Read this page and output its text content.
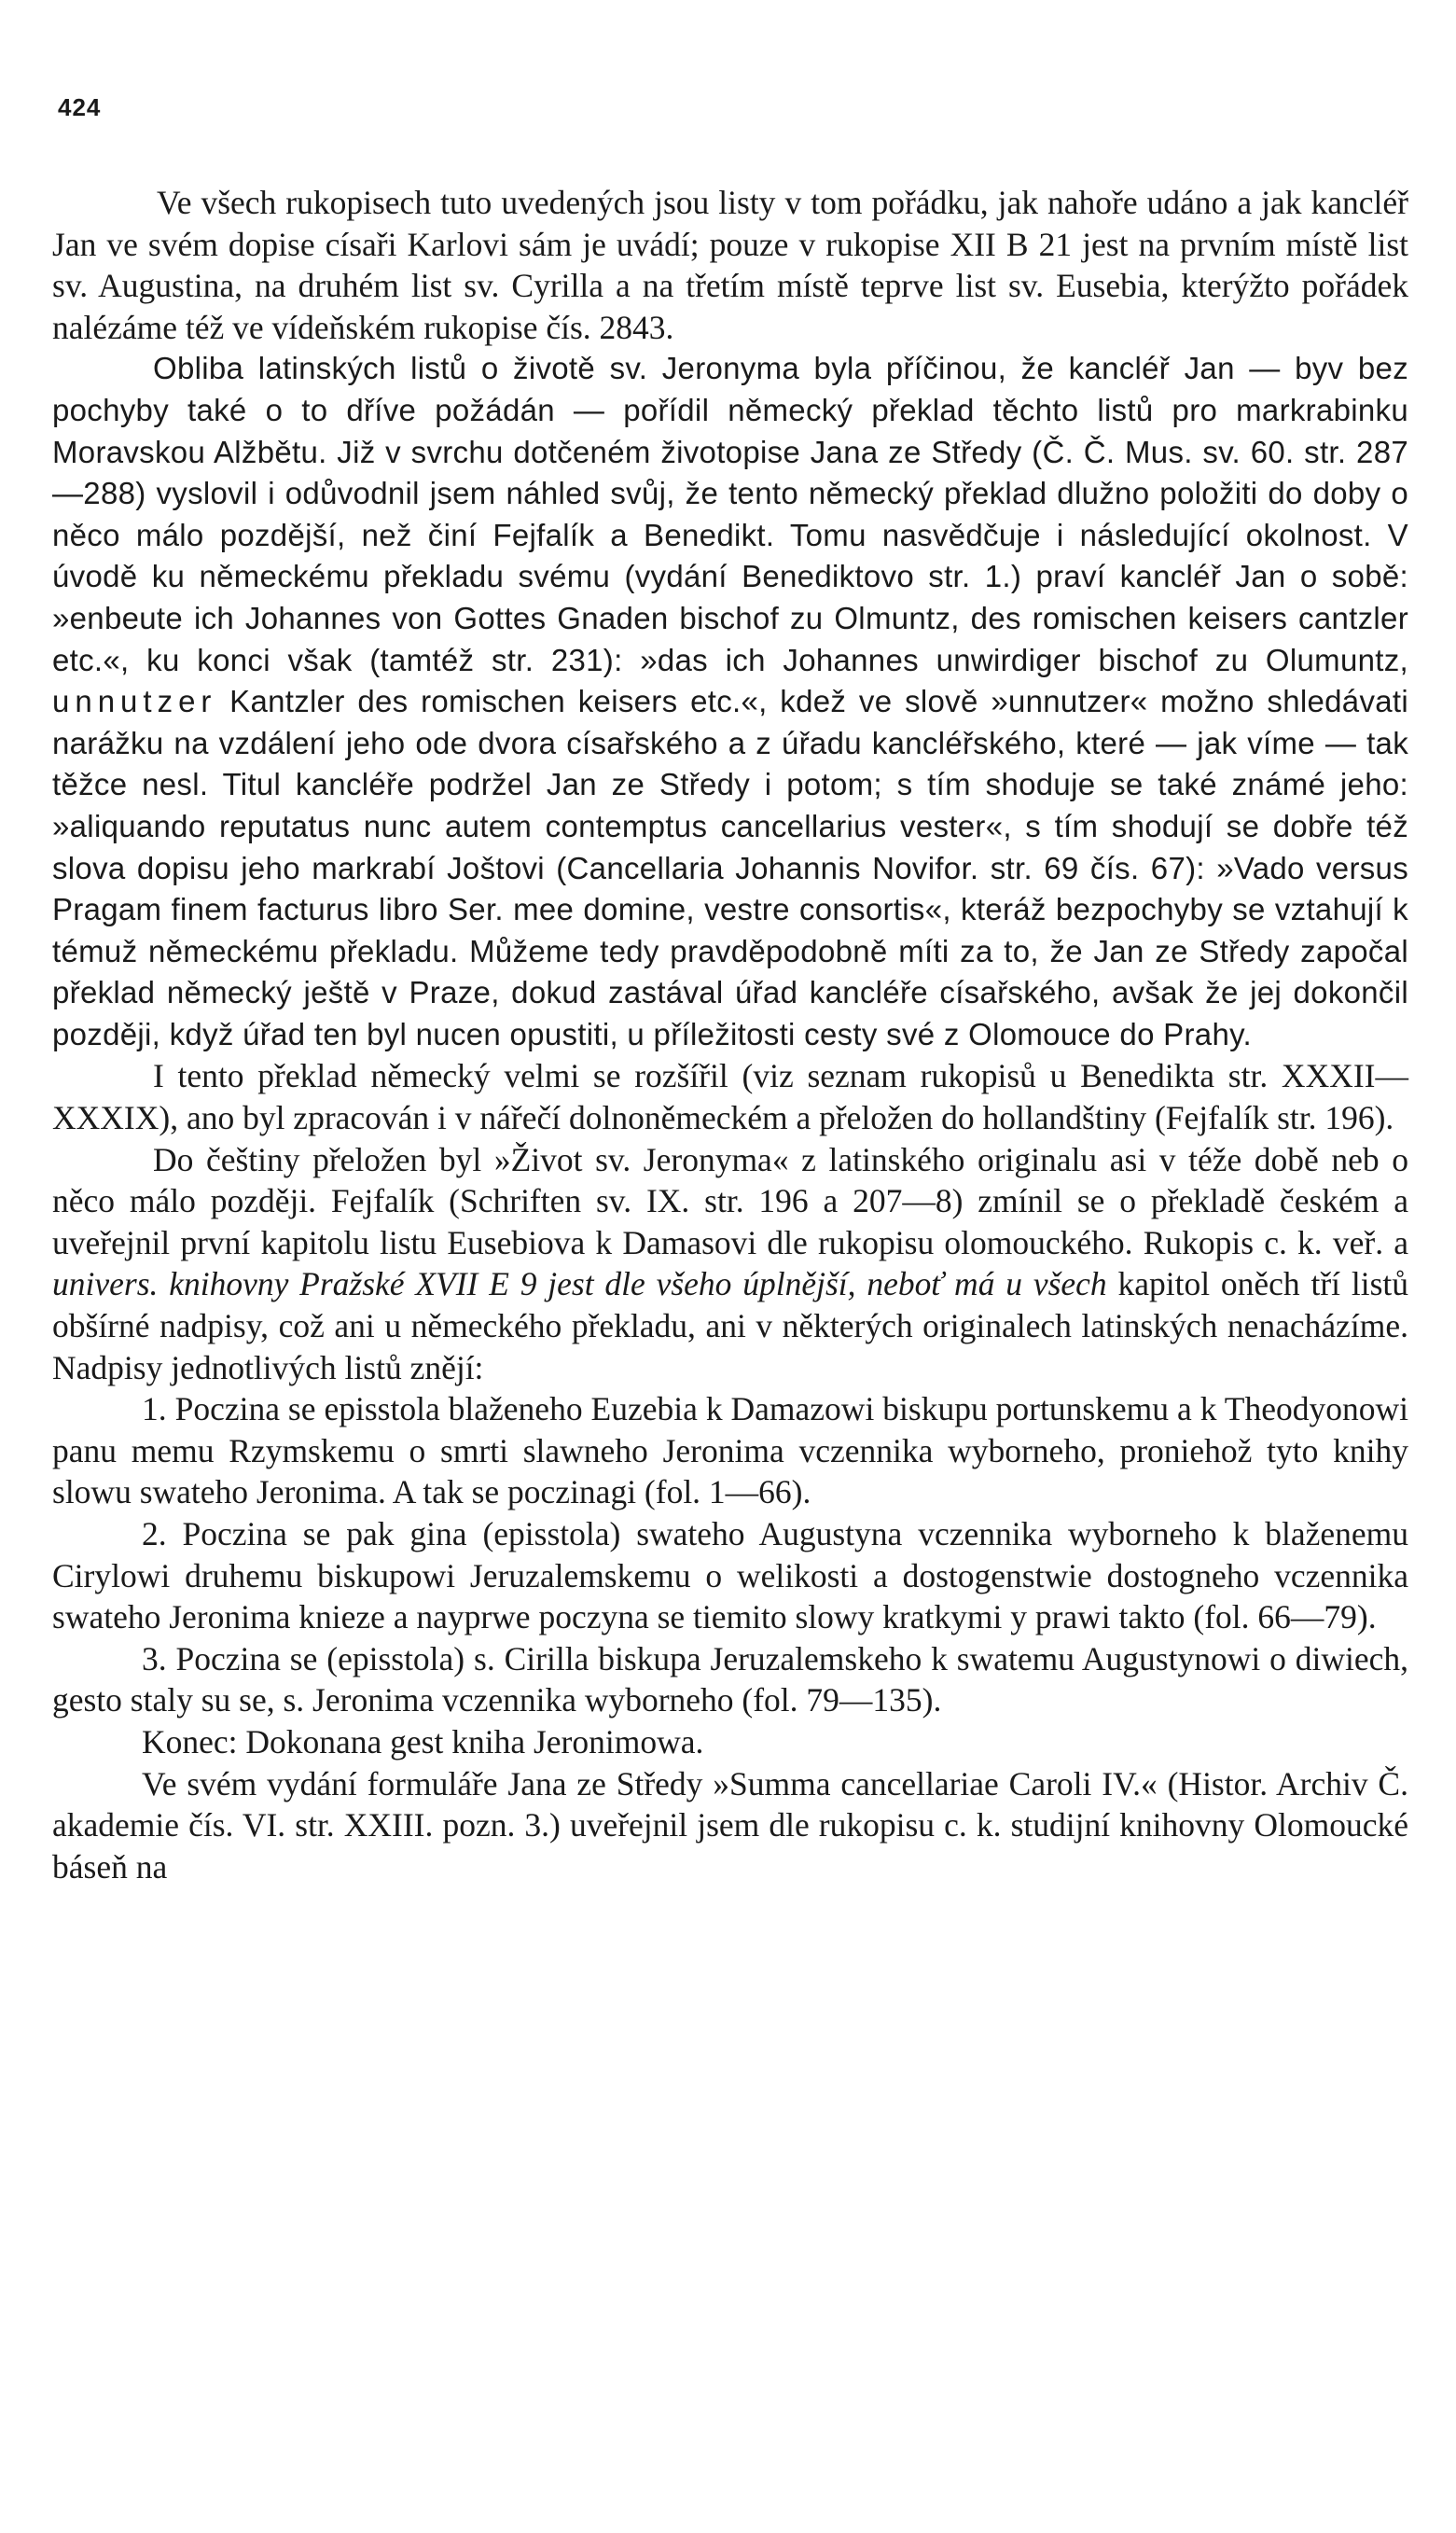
424

Ve všech rukopisech tuto uvedených jsou listy v tom pořádku, jak nahoře udáno a jak kancléř Jan ve svém dopise císaři Karlovi sám je uvádí; pouze v rukopise XII B 21 jest na prvním místě list sv. Augustina, na druhém list sv. Cyrilla a na třetím místě teprve list sv. Eusebia, kterýžto pořádek nalézáme též ve vídeňském rukopise čís. 2843.

Obliba latinských listů o životě sv. Jeronyma byla příčinou, že kancléř Jan — byv bez pochyby také o to dříve požádán — pořídil německý překlad těchto listů pro markrabinku Moravskou Alžbětu. Již v svrchu dotčeném životopise Jana ze Středy (Č. Č. Mus. sv. 60. str. 287—288) vyslovil i odůvodnil jsem náhled svůj, že tento německý překlad dlužno položiti do doby o něco málo pozdější, než činí Fejfalík a Benedikt. Tomu nasvědčuje i následující okolnost. V úvodě ku německému překladu svému (vydání Benediktovo str. 1.) praví kancléř Jan o sobě: »enbeute ich Johannes von Gottes Gnaden bischof zu Olmuntz, des romischen keisers cantzler etc.«, ku konci však (tamtéž str. 231): »das ich Johannes unwirdiger bischof zu Olumuntz, unnutzer Kantzler des romischen keisers etc.«, kdež ve slově »unnutzer« možno shledávati narážku na vzdálení jeho ode dvora císařského a z úřadu kancléřského, které — jak víme — tak těžce nesl. Titul kancléře podržel Jan ze Středy i potom; s tím shoduje se také známé jeho: »aliquando reputatus nunc autem contemptus cancellarius vester«, s tím shodují se dobře též slova dopisu jeho markrabí Joštovi (Cancellaria Johannis Novifor. str. 69 čís. 67): »Vado versus Pragam finem facturus libro Ser. mee domine, vestre consortis«, kteráž bezpochyby se vztahují k témuž německému překladu. Můžeme tedy pravděpodobně míti za to, že Jan ze Středy započal překlad německý ještě v Praze, dokud zastával úřad kancléře císařského, avšak že jej dokončil později, když úřad ten byl nucen opustiti, u příležitosti cesty své z Olomouce do Prahy.

I tento překlad německý velmi se rozšířil (viz seznam rukopisů u Benedikta str. XXXII—XXXIX), ano byl zpracován i v nářečí dolnoněmeckém a přeložen do hollandštiny (Fejfalík str. 196).

Do češtiny přeložen byl »Život sv. Jeronyma« z latinského originalu asi v téže době neb o něco málo později. Fejfalík (Schriften sv. IX. str. 196 a 207—8) zmínil se o překladě českém a uveřejnil první kapitolu listu Eusebiova k Damasovi dle rukopisu olomouckého. Rukopis c. k. veř. a univers. knihovny Pražské XVII E 9 jest dle všeho úplnější, neboť má u všech kapitol oněch tří listů obšírné nadpisy, což ani u německého překladu, ani v některých originalech latinských nenacházíme. Nadpisy jednotlivých listů znějí:

1. Poczina se episstola blaženeho Euzebia k Damazowi biskupu portunskemu a k Theodyonowi panu memu Rzymskemu o smrti slawneho Jeronima vczennika wyborneho, proniehož tyto knihy slowu swateho Jeronima. A tak se poczinagi (fol. 1—66).

2. Poczina se pak gina (episstola) swateho Augustyna vczennika wyborneho k blaženemu Cirylowi druhemu biskupowi Jeruzalemskemu o welikosti a dostogenstwie dostogneho vczennika swateho Jeronima knieze a nayprwe poczyna se tiemito slowy kratkymi y prawi takto (fol. 66—79).

3. Poczina se (episstola) s. Cirilla biskupa Jeruzalemskeho k swatemu Augustynowi o diwiech, gesto staly su se, s. Jeronima vczennika wyborneho (fol. 79—135).

Konec: Dokonana gest kniha Jeronimowa.

Ve svém vydání formuláře Jana ze Středy »Summa cancellariae Caroli IV.« (Histor. Archiv Č. akademie čís. VI. str. XXIII. pozn. 3.) uveřejnil jsem dle rukopisu c. k. studijní knihovny Olomoucké báseň na
